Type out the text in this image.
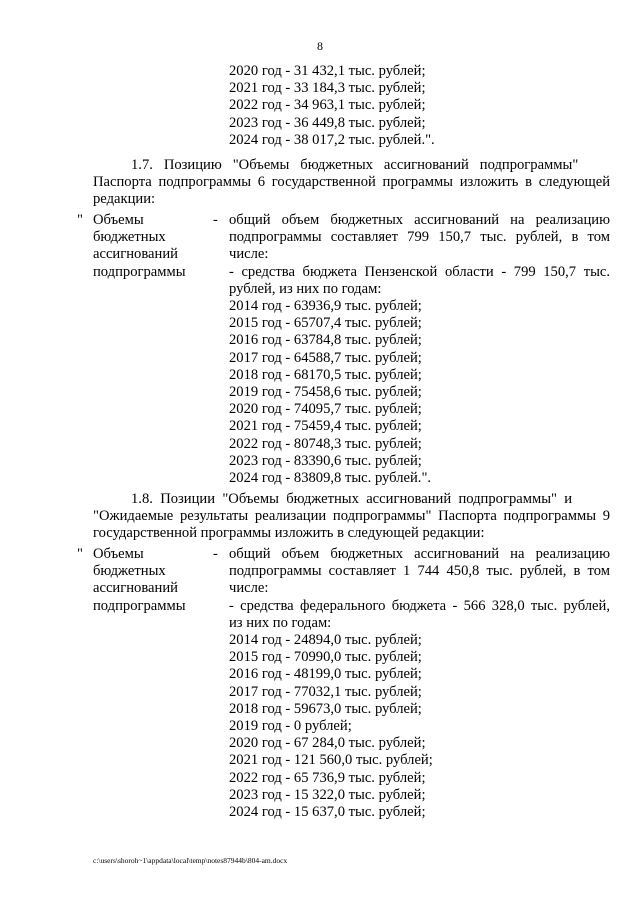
8
2020 год - 31 432,1 тыс. рублей;
2021 год - 33 184,3 тыс. рублей;
2022 год - 34 963,1 тыс. рублей;
2023 год - 36 449,8 тыс. рублей;
2024 год - 38 017,2 тыс. рублей.".
1.7.   Позицию   "Объемы   бюджетных   ассигнований   подпрограммы"
Паспорта подпрограммы 6 государственной программы изложить в следующей
редакции:
" Объемы
бюджетных
ассигнований
подпрограммы
- общий объем бюджетных ассигнований на реализацию
подпрограммы составляет 799 150,7 тыс. рублей, в том
числе:
- средства бюджета Пензенской области - 799 150,7 тыс.
рублей, из них по годам:
2014 год - 63936,9 тыс. рублей;
2015 год - 65707,4 тыс. рублей;
2016 год - 63784,8 тыс. рублей;
2017 год - 64588,7 тыс. рублей;
2018 год - 68170,5 тыс. рублей;
2019 год - 75458,6 тыс. рублей;
2020 год - 74095,7 тыс. рублей;
2021 год - 75459,4 тыс. рублей;
2022 год - 80748,3 тыс. рублей;
2023 год - 83390,6 тыс. рублей;
2024 год - 83809,8 тыс. рублей.".
1.8.  Позиции  "Объемы  бюджетных  ассигнований  подпрограммы"  и
"Ожидаемые результаты реализации подпрограммы" Паспорта подпрограммы 9
государственной программы изложить в следующей редакции:
" Объемы
бюджетных
ассигнований
подпрограммы
- общий объем бюджетных ассигнований на реализацию
подпрограммы составляет 1 744 450,8 тыс. рублей, в том
числе:
- средства федерального бюджета - 566 328,0 тыс. рублей,
из них по годам:
2014 год - 24894,0 тыс. рублей;
2015 год - 70990,0 тыс. рублей;
2016 год - 48199,0 тыс. рублей;
2017 год - 77032,1 тыс. рублей;
2018 год - 59673,0 тыс. рублей;
2019 год - 0 рублей;
2020 год - 67 284,0 тыс. рублей;
2021 год - 121 560,0 тыс. рублей;
2022 год - 65 736,9 тыс. рублей;
2023 год - 15 322,0 тыс. рублей;
2024 год - 15 637,0 тыс. рублей;
c:\users\shoroh~1\appdata\local\temp\notes87944b\804-am.docx
